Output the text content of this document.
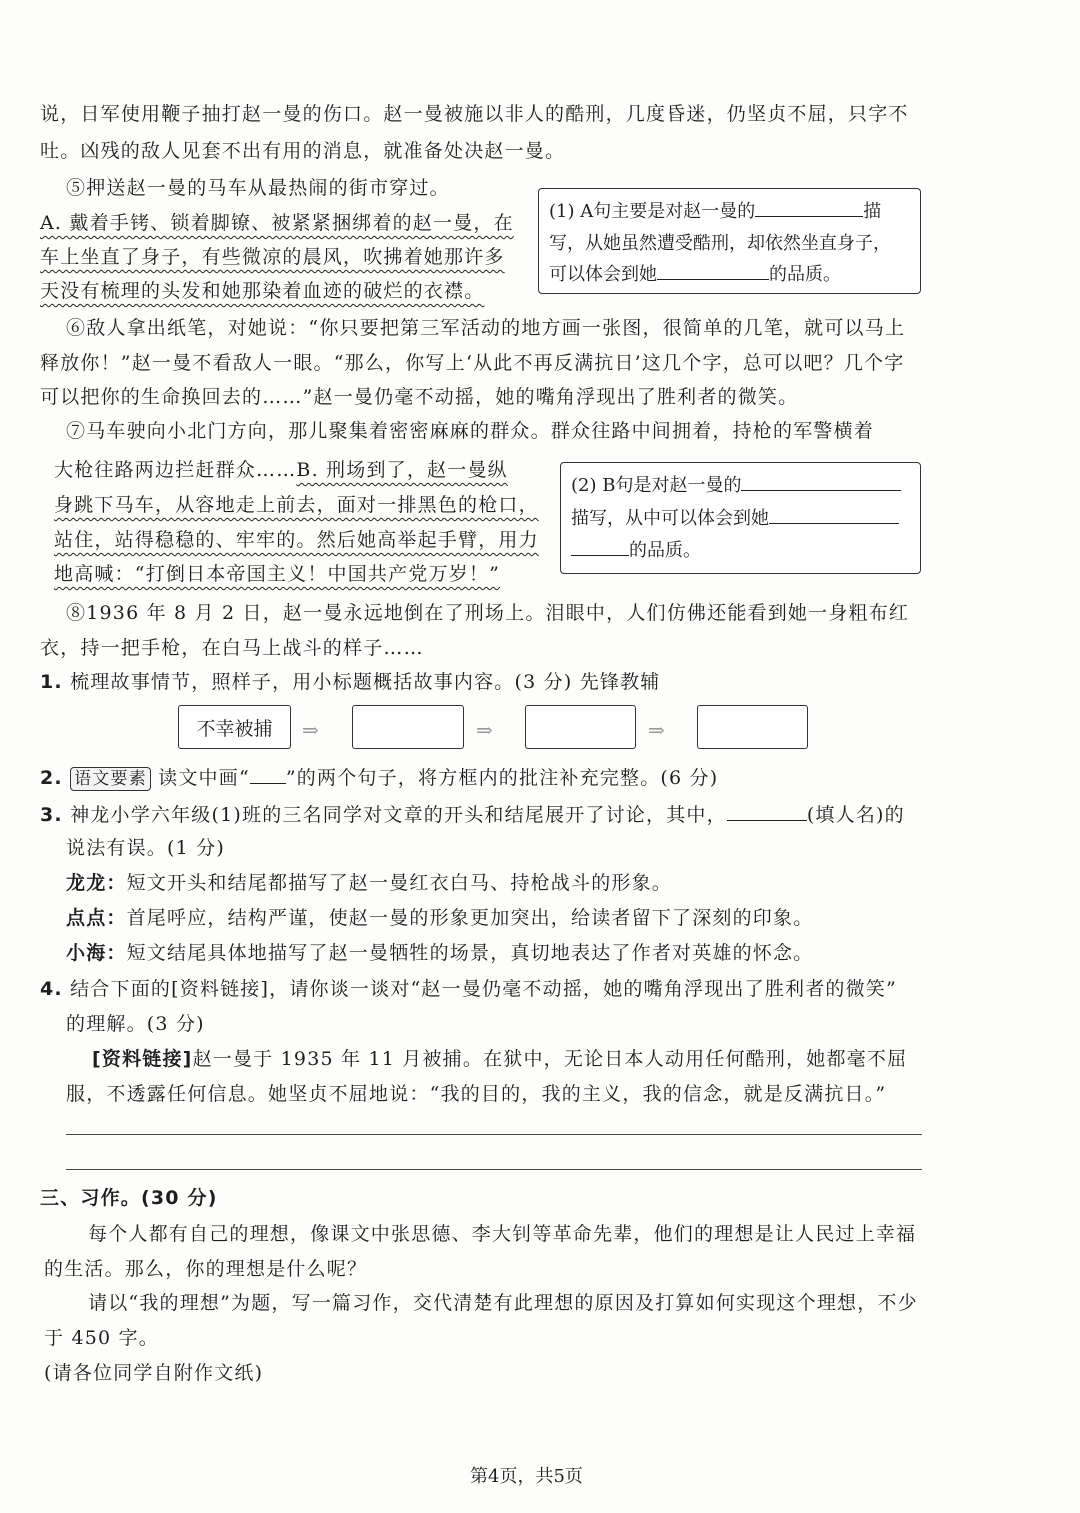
说，日军使用鞭子抽打赵一曼的伤口。赵一曼被施以非人的酷刑，几度昏迷，仍坚贞不屈，只字不
吐。凶残的敌人见套不出有用的消息，就准备处决赵一曼。
⑤押送赵一曼的马车从最热闹的街市穿过。
A. 戴着手铐、锁着脚镣、被紧紧捆绑着的赵一曼，在
车上坐直了身子，有些微凉的晨风，吹拂着她那许多
天没有梳理的头发和她那染着血迹的破烂的衣襟。
(1) A句主要是对赵一曼的	描
写，从她虽然遭受酷刑，却依然坐直身子，
可以体会到她	的品质。
⑥敌人拿出纸笔，对她说：“你只要把第三军活动的地方画一张图，很简单的几笔，就可以马上
释放你！”赵一曼不看敌人一眼。“那么，你写上‘从此不再反满抗日’这几个字，总可以吧？几个字
可以把你的生命换回去的……”赵一曼仍毫不动摇，她的嘴角浮现出了胜利者的微笑。
⑦马车驶向小北门方向，那儿聚集着密密麻麻的群众。群众往路中间拥着，持枪的军警横着
大枪往路两边拦赶群众……B. 刑场到了，赵一曼纵
身跳下马车，从容地走上前去，面对一排黑色的枪口，
站住，站得稳稳的、牢牢的。然后她高举起手臂，用力
地高喊：“打倒日本帝国主义！中国共产党万岁！”
(2) B句是对赵一曼的
描写，从中可以体会到她
的品质。
⑧1936 年 8 月 2 日，赵一曼永远地倒在了刑场上。泪眼中，人们仿佛还能看到她一身粗布红
衣，持一把手枪，在白马上战斗的样子……
1. 梳理故事情节，照样子，用小标题概括故事内容。(3 分) 先锋教辅
不幸被捕	⇒	⇒	⇒
2. 语文要素 读文中画“ ”的两个句子，将方框内的批注补充完整。(6 分)
3. 神龙小学六年级(1)班的三名同学对文章的开头和结尾展开了讨论，其中，	(填人名)的
说法有误。(1 分)
龙龙：短文开头和结尾都描写了赵一曼红衣白马、持枪战斗的形象。
点点：首尾呼应，结构严谨，使赵一曼的形象更加突出，给读者留下了深刻的印象。
小海：短文结尾具体地描写了赵一曼牺牲的场景，真切地表达了作者对英雄的怀念。
4. 结合下面的[资料链接]，请你谈一谈对“赵一曼仍毫不动摇，她的嘴角浮现出了胜利者的微笑”
的理解。(3 分)
[资料链接]赵一曼于 1935 年 11 月被捕。在狱中，无论日本人动用任何酷刑，她都毫不屈
服，不透露任何信息。她坚贞不屈地说：“我的目的，我的主义，我的信念，就是反满抗日。”
三、习作。(30 分)
每个人都有自己的理想，像课文中张思德、李大钊等革命先辈，他们的理想是让人民过上幸福
的生活。那么，你的理想是什么呢？
请以“我的理想”为题，写一篇习作，交代清楚有此理想的原因及打算如何实现这个理想，不少
于 450 字。
(请各位同学自附作文纸)
第4页，共5页
